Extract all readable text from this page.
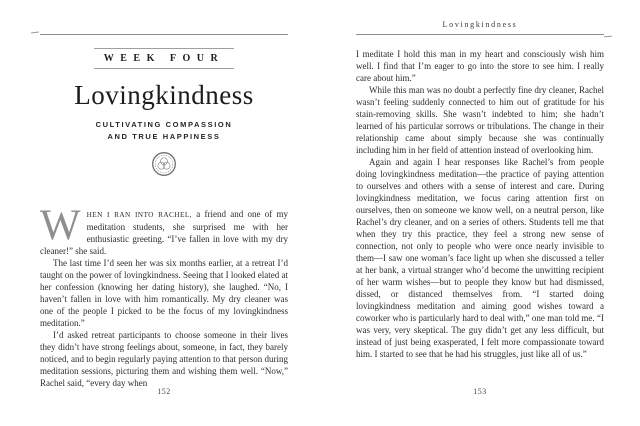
WEEK FOUR
Lovingkindness
CULTIVATING COMPASSION
AND TRUE HAPPINESS

W HEN I RAN INTO RACHEL, a friend and one of my meditation students, she surprised me with her enthusiastic greeting. “I’ve fallen in love with my dry cleaner!” she said.

The last time I’d seen her was six months earlier, at a retreat I’d taught on the power of lovingkindness. Seeing that I looked elated at her confession (knowing her dating history), she laughed. “No, I haven’t fallen in love with him romantically. My dry cleaner was one of the people I picked to be the focus of my lovingkindness meditation.”

I’d asked retreat participants to choose someone in their lives they didn’t have strong feelings about, someone, in fact, they barely noticed, and to begin regularly paying attention to that person during meditation sessions, picturing them and wishing them well. “Now,” Rachel said, “every day when

152
Lovingkindness

I meditate I hold this man in my heart and consciously wish him well. I find that I’m eager to go into the store to see him. I really care about him.”

While this man was no doubt a perfectly fine dry cleaner, Rachel wasn’t feeling suddenly connected to him out of gratitude for his stain-removing skills. She wasn’t indebted to him; she hadn’t learned of his particular sorrows or tribulations. The change in their relationship came about simply because she was continually including him in her field of attention instead of overlooking him.

Again and again I hear responses like Rachel’s from people doing lovingkindness meditation—the practice of paying attention to ourselves and others with a sense of interest and care. During lovingkindness meditation, we focus caring attention first on ourselves, then on someone we know well, on a neutral person, like Rachel’s dry cleaner, and on a series of others. Students tell me that when they try this practice, they feel a strong new sense of connection, not only to people who were once nearly invisible to them—I saw one woman’s face light up when she discussed a teller at her bank, a virtual stranger who’d become the unwitting recipient of her warm wishes—but to people they know but had dismissed, dissed, or distanced themselves from. “I started doing lovingkindness meditation and aiming good wishes toward a coworker who is particularly hard to deal with,” one man told me. “I was very, very skeptical. The guy didn’t get any less difficult, but instead of just being exasperated, I felt more compassionate toward him. I started to see that he had his struggles, just like all of us.”

153
